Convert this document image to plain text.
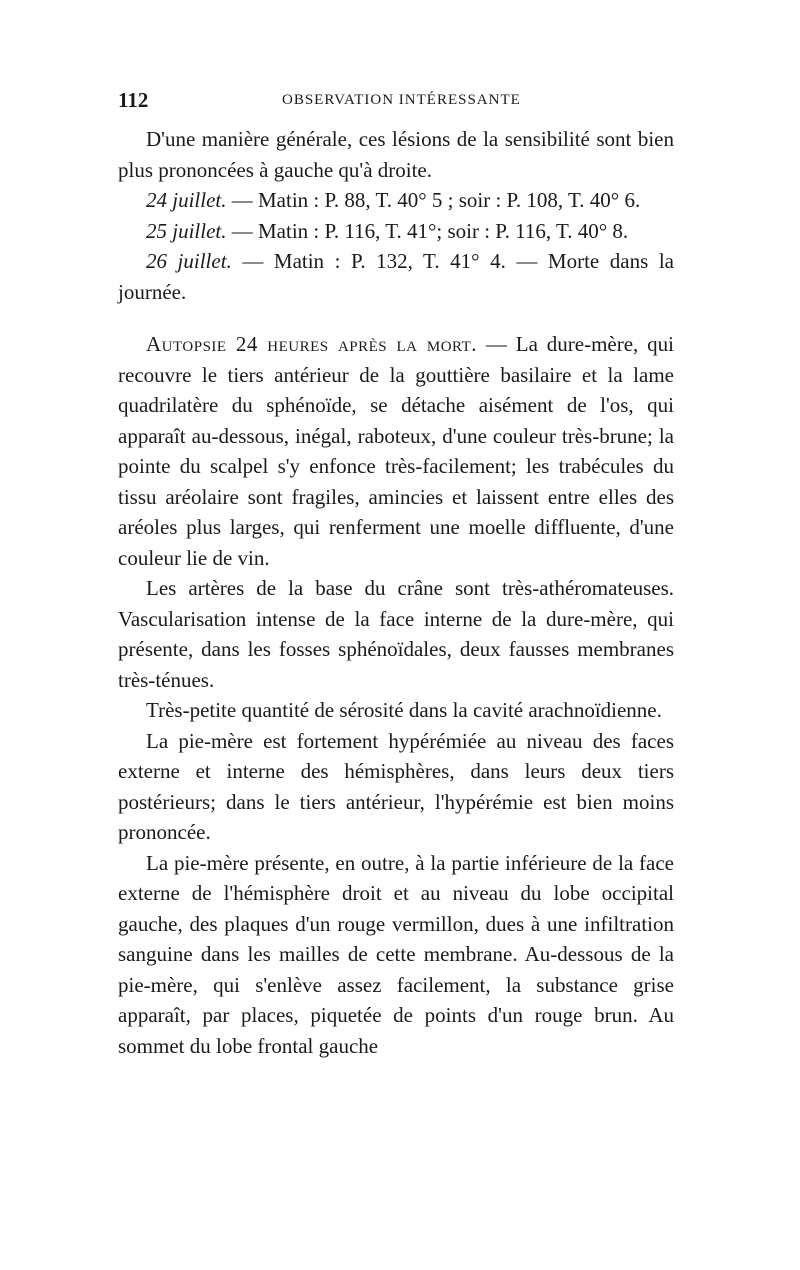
112	OBSERVATION INTÉRESSANTE

D'une manière générale, ces lésions de la sensibilité sont bien plus prononcées à gauche qu'à droite.

24 juillet. — Matin : P. 88, T. 40° 5 ; soir : P. 108, T. 40° 6.

25 juillet. — Matin : P. 116, T. 41°; soir : P. 116, T. 40° 8.

26 juillet. — Matin : P. 132, T. 41° 4. — Morte dans la journée.

Autopsie 24 heures après la mort. — La dure-mère, qui recouvre le tiers antérieur de la gouttière basilaire et la lame quadrilatère du sphénoïde, se détache aisément de l'os, qui apparaît au-dessous, inégal, raboteux, d'une couleur très-brune; la pointe du scalpel s'y enfonce très-facilement; les trabécules du tissu aréolaire sont fragiles, amincies et laissent entre elles des aréoles plus larges, qui renferment une moelle diffluente, d'une couleur lie de vin.

Les artères de la base du crâne sont très-athéromateuses. Vascularisation intense de la face interne de la dure-mère, qui présente, dans les fosses sphénoïdales, deux fausses membranes très-ténues.

Très-petite quantité de sérosité dans la cavité arachnoïdienne.

La pie-mère est fortement hypérémiée au niveau des faces externe et interne des hémisphères, dans leurs deux tiers postérieurs; dans le tiers antérieur, l'hypérémie est bien moins prononcée.

La pie-mère présente, en outre, à la partie inférieure de la face externe de l'hémisphère droit et au niveau du lobe occipital gauche, des plaques d'un rouge vermillon, dues à une infiltration sanguine dans les mailles de cette membrane. Au-dessous de la pie-mère, qui s'enlève assez facilement, la substance grise apparaît, par places, piquetée de points d'un rouge brun. Au sommet du lobe frontal gauche
